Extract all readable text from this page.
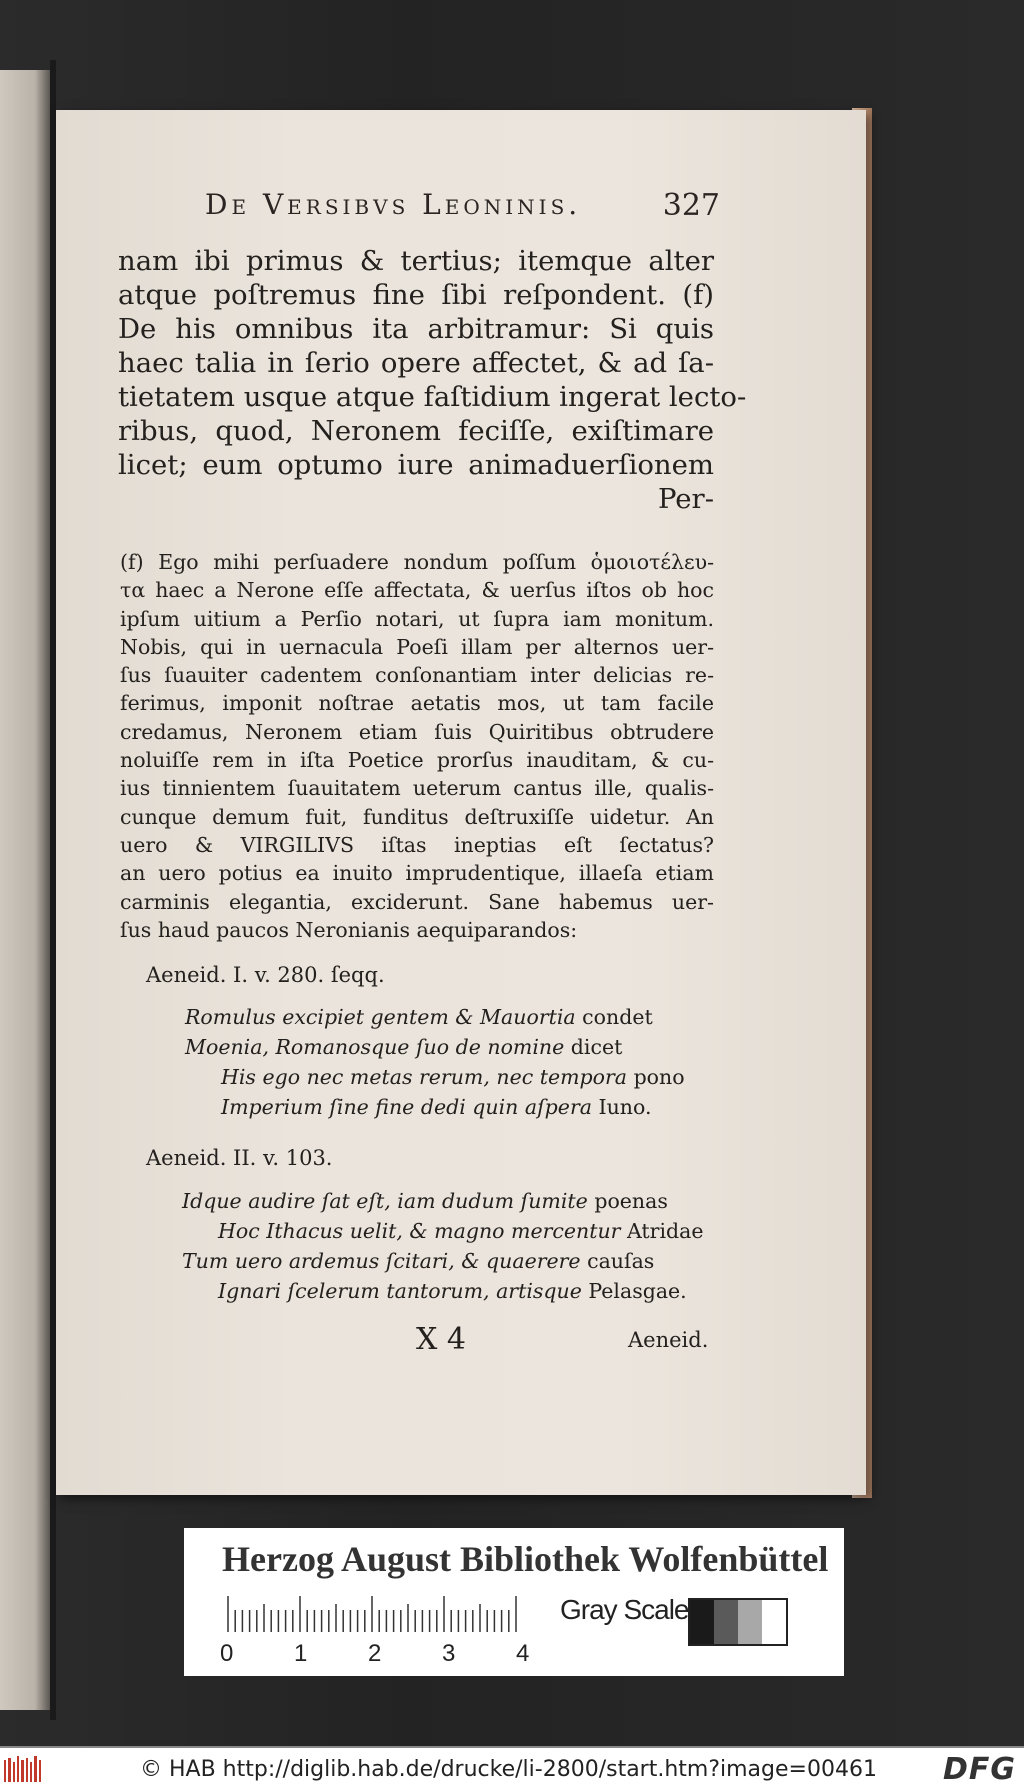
De Versibvs Leoninis.	327
nam ibi primus & tertius; itemque alter
atque poſtremus fine ſibi reſpondent. (f)
De his omnibus ita arbitramur: Si quis
haec talia in ſerio opere affectet, & ad ſa-
tietatem usque atque faſtidium ingerat lecto-
ribus, quod, Neronem feciſſe, exiſtimare
licet; eum optumo iure animaduerſionem
Per-
(f) Ego mihi perſuadere nondum poſſum ὁμοιοτέλευ-
τα haec a Nerone eſſe affectata, & uerſus iſtos ob hoc
ipſum uitium a Perſio notari, ut ſupra iam monitum.
Nobis, qui in uernacula Poeſi illam per alternos uer-
ſus ſuauiter cadentem conſonantiam inter delicias re-
ferimus, imponit noſtrae aetatis mos, ut tam facile
credamus, Neronem etiam ſuis Quiritibus obtrudere
noluiſſe rem in iſta Poetice prorſus inauditam, & cu-
ius tinnientem ſuauitatem ueterum cantus ille, qualis-
cunque demum fuit, funditus deſtruxiſſe uidetur. An
uero & VIRGILIVS iſtas ineptias eſt ſectatus?
an uero potius ea inuito imprudentique, illaeſa etiam
carminis elegantia, exciderunt. Sane habemus uer-
ſus haud paucos Neronianis aequiparandos:
Aeneid. I. v. 280. ſeqq.
Romulus excipiet gentem & Mauortia condet
Moenia, Romanosque ſuo de nomine dicet
His ego nec metas rerum, nec tempora pono
Imperium ſine fine dedi quin aſpera Iuno.
Aeneid. II. v. 103.
Idque audire ſat eſt, iam dudum ſumite poenas
Hoc Ithacus uelit, & magno mercentur Atridae
Tum uero ardemus ſcitari, & quaerere cauſas
Ignari ſcelerum tantorum, artisque Pelasgae.
X 4	Aeneid.
Herzog August Bibliothek Wolfenbüttel
0	1	2	3	4
Gray Scale
© HAB http://diglib.hab.de/drucke/li-2800/start.htm?image=00461 DFG
